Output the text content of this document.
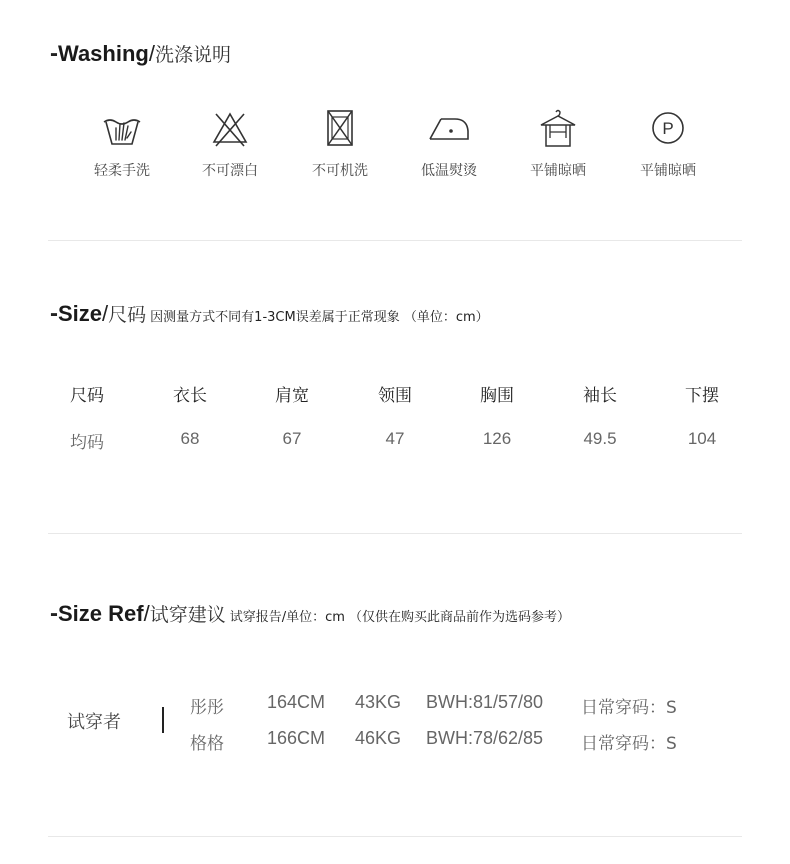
-Washing/洗涤说明
轻柔手洗	不可漂白	不可机洗	低温熨烫	平铺晾晒
P
平铺晾晒
-Size/尺码 因测量方式不同有1-3CM误差属于正常现象 （单位：cm）
尺码	衣长	肩宽	领围	胸围	袖长	下摆
均码	68	67	47	126	49.5	104
-Size Ref/试穿建议 试穿报告/单位：cm （仅供在购买此商品前作为选码参考）
试穿者
彤彤 164CM 43KG BWH:81/57/80 日常穿码：S
格格 166CM 46KG BWH:78/62/85 日常穿码：S
